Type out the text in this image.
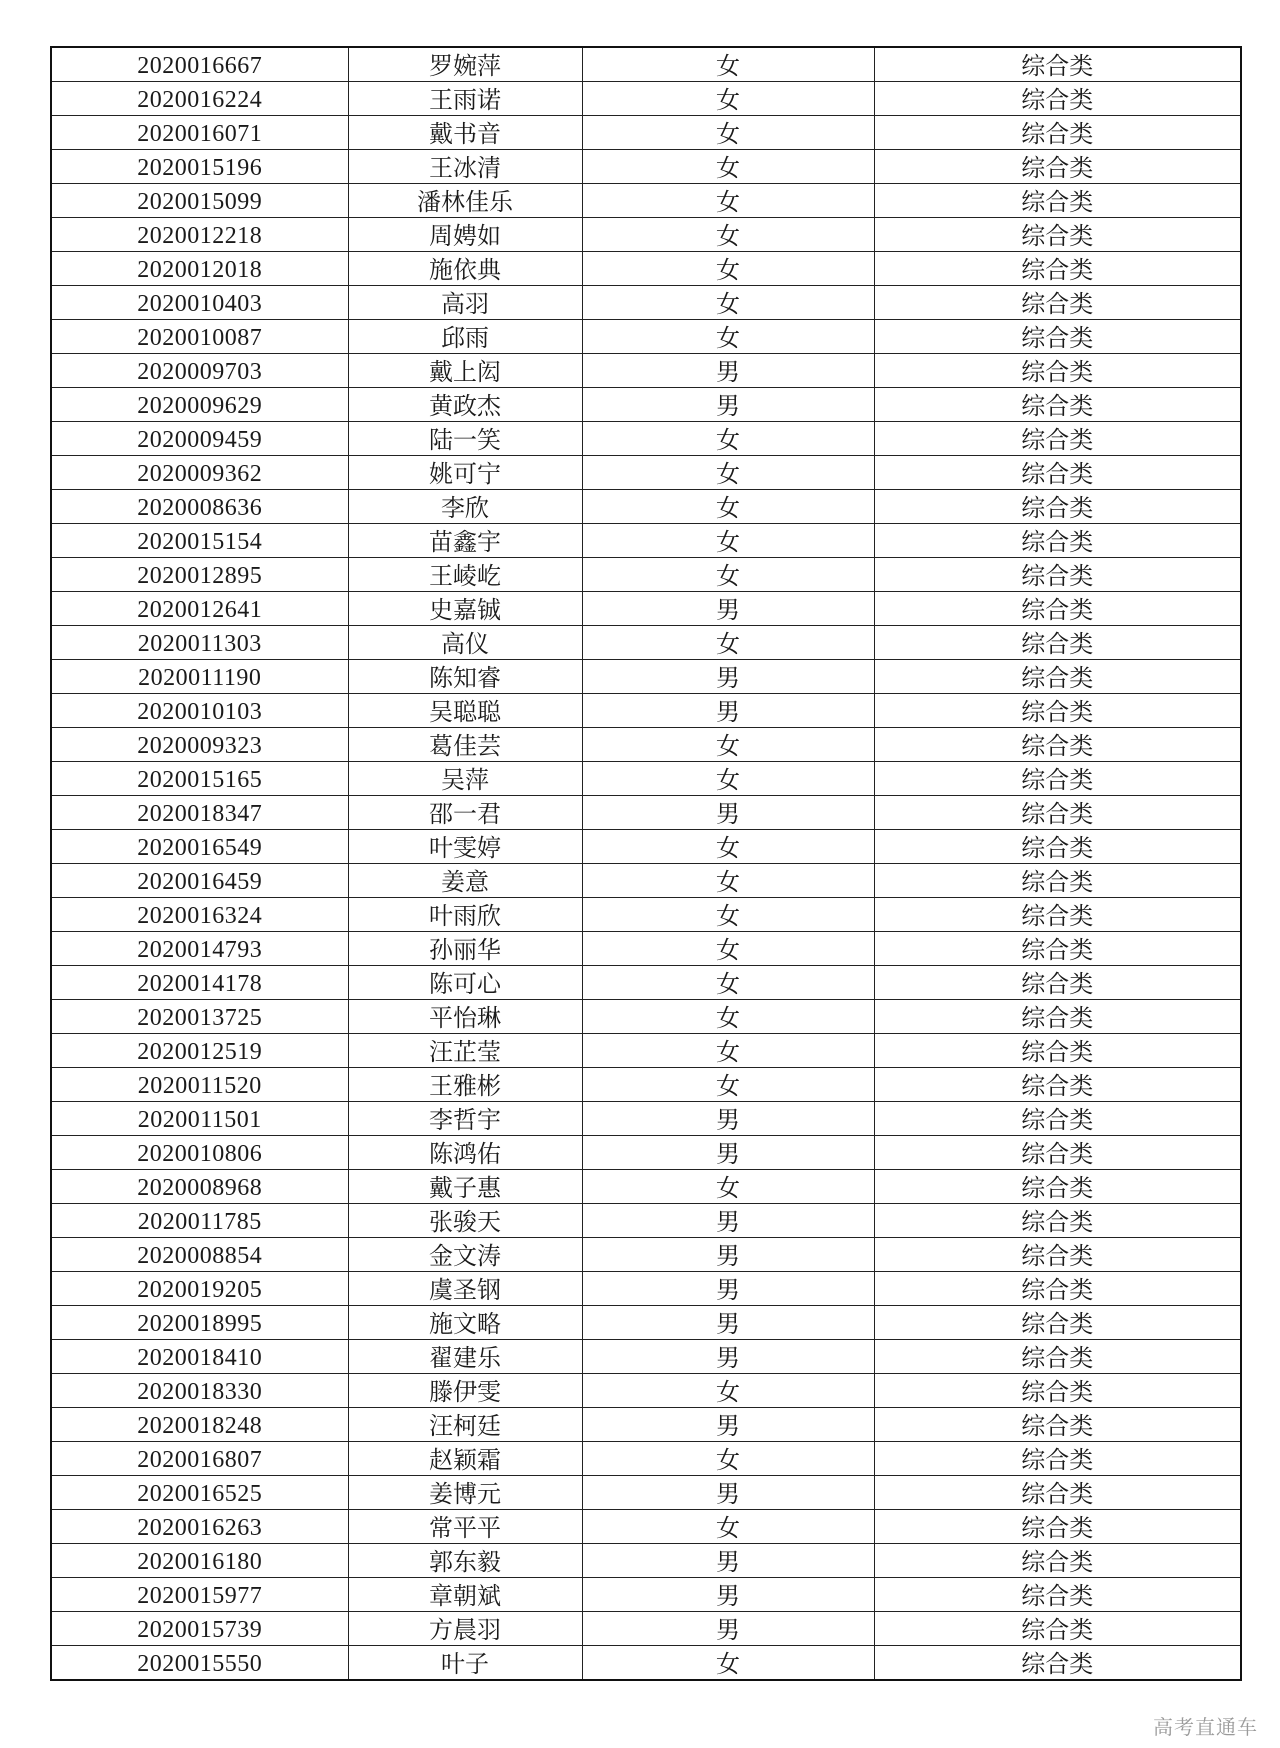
2020016667	罗婉萍	女	综合类
2020016224	王雨诺	女	综合类
2020016071	戴书音	女	综合类
2020015196	王冰清	女	综合类
2020015099	潘林佳乐	女	综合类
2020012218	周娉如	女	综合类
2020012018	施依典	女	综合类
2020010403	高羽	女	综合类
2020010087	邱雨	女	综合类
2020009703	戴上闳	男	综合类
2020009629	黄政杰	男	综合类
2020009459	陆一笑	女	综合类
2020009362	姚可宁	女	综合类
2020008636	李欣	女	综合类
2020015154	苗鑫宇	女	综合类
2020012895	王崚屹	女	综合类
2020012641	史嘉铖	男	综合类
2020011303	高仪	女	综合类
2020011190	陈知睿	男	综合类
2020010103	吴聪聪	男	综合类
2020009323	葛佳芸	女	综合类
2020015165	吴萍	女	综合类
2020018347	邵一君	男	综合类
2020016549	叶雯婷	女	综合类
2020016459	姜意	女	综合类
2020016324	叶雨欣	女	综合类
2020014793	孙丽华	女	综合类
2020014178	陈可心	女	综合类
2020013725	平怡琳	女	综合类
2020012519	汪芷莹	女	综合类
2020011520	王雅彬	女	综合类
2020011501	李哲宇	男	综合类
2020010806	陈鸿佑	男	综合类
2020008968	戴子惠	女	综合类
2020011785	张骏天	男	综合类
2020008854	金文涛	男	综合类
2020019205	虞圣钢	男	综合类
2020018995	施文略	男	综合类
2020018410	翟建乐	男	综合类
2020018330	滕伊雯	女	综合类
2020018248	汪柯廷	男	综合类
2020016807	赵颖霜	女	综合类
2020016525	姜博元	男	综合类
2020016263	常平平	女	综合类
2020016180	郭东毅	男	综合类
2020015977	章朝斌	男	综合类
2020015739	方晨羽	男	综合类
2020015550	叶子	女	综合类
高考直通车
